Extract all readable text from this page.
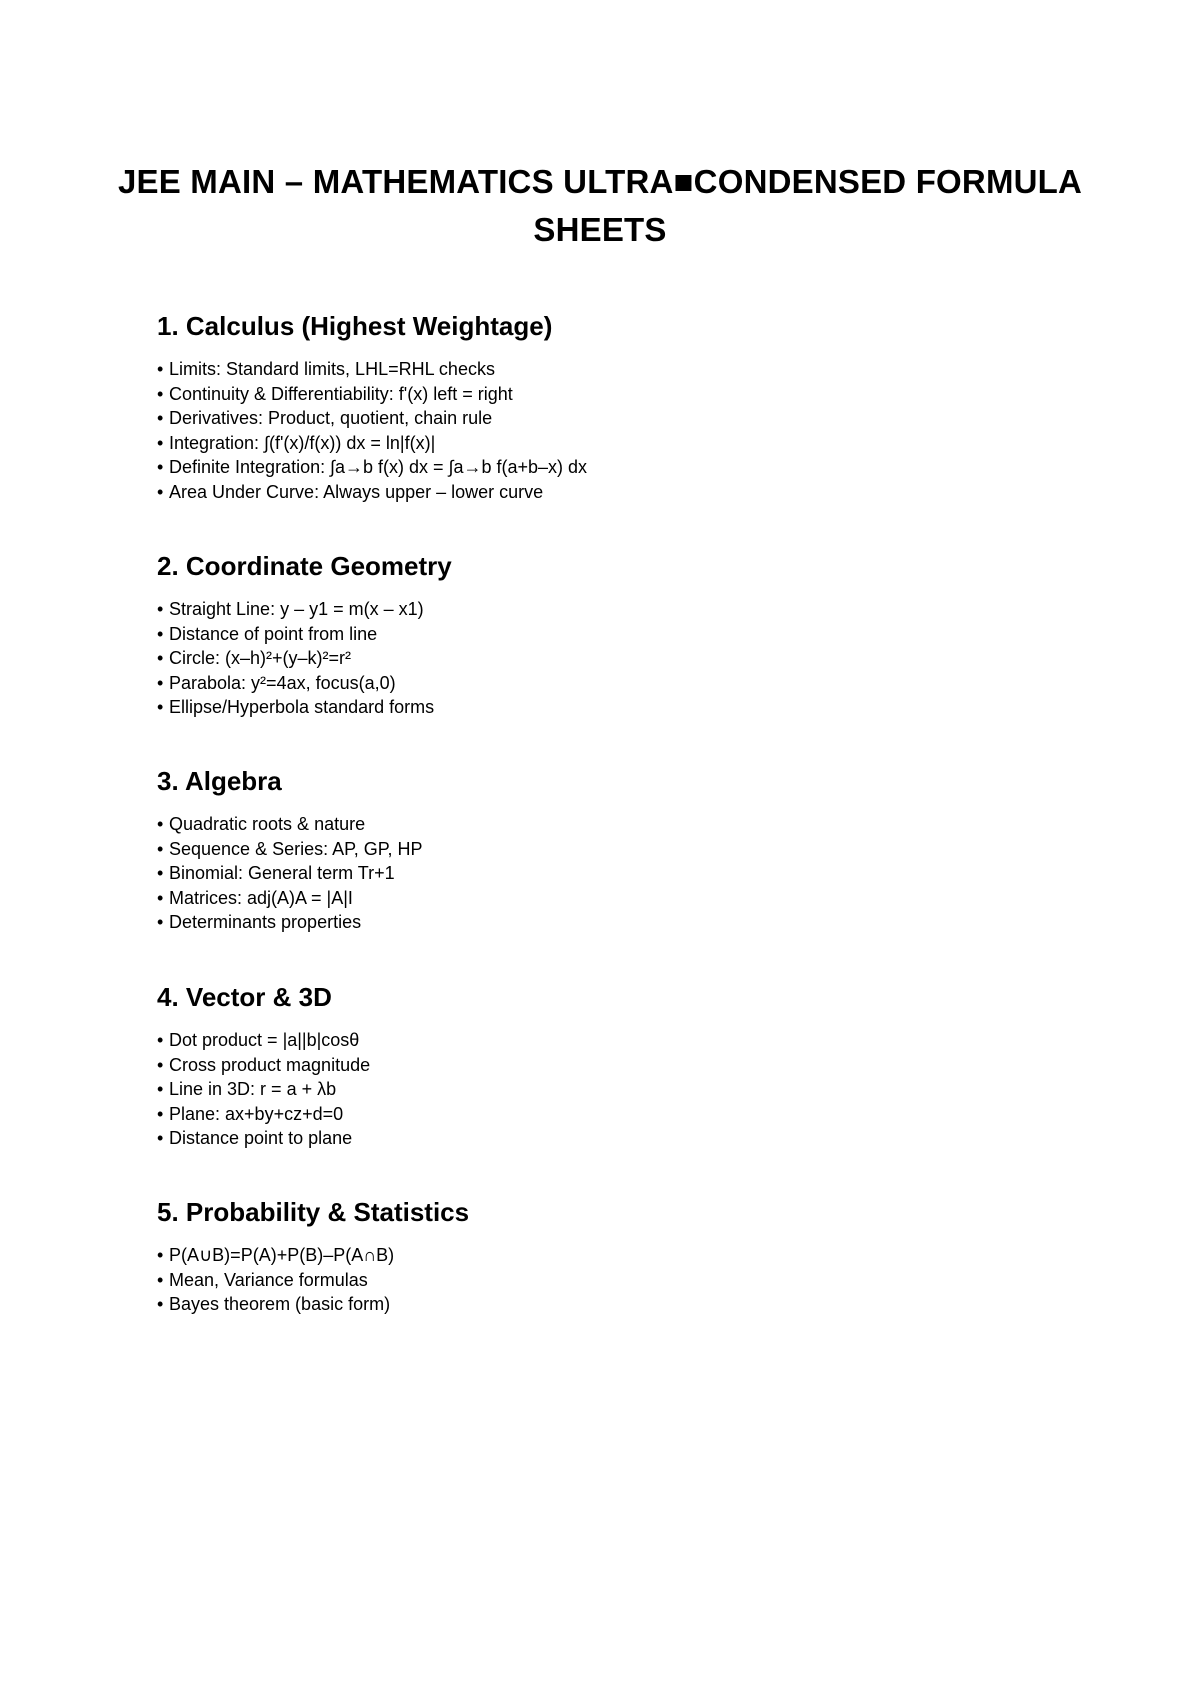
JEE MAIN – MATHEMATICS ULTRA■CONDENSED FORMULA SHEETS
1. Calculus (Highest Weightage)
• Limits: Standard limits, LHL=RHL checks
• Continuity & Differentiability: f'(x) left = right
• Derivatives: Product, quotient, chain rule
• Integration: ∫(f'(x)/f(x)) dx = ln|f(x)|
• Definite Integration: ∫a→b f(x) dx = ∫a→b f(a+b–x) dx
• Area Under Curve: Always upper – lower curve
2. Coordinate Geometry
• Straight Line: y – y1 = m(x – x1)
• Distance of point from line
• Circle: (x–h)²+(y–k)²=r²
• Parabola: y²=4ax, focus(a,0)
• Ellipse/Hyperbola standard forms
3. Algebra
• Quadratic roots & nature
• Sequence & Series: AP, GP, HP
• Binomial: General term Tr+1
• Matrices: adj(A)A = |A|I
• Determinants properties
4. Vector & 3D
• Dot product = |a||b|cosθ
• Cross product magnitude
• Line in 3D: r = a + λb
• Plane: ax+by+cz+d=0
• Distance point to plane
5. Probability & Statistics
• P(A∪B)=P(A)+P(B)–P(A∩B)
• Mean, Variance formulas
• Bayes theorem (basic form)
